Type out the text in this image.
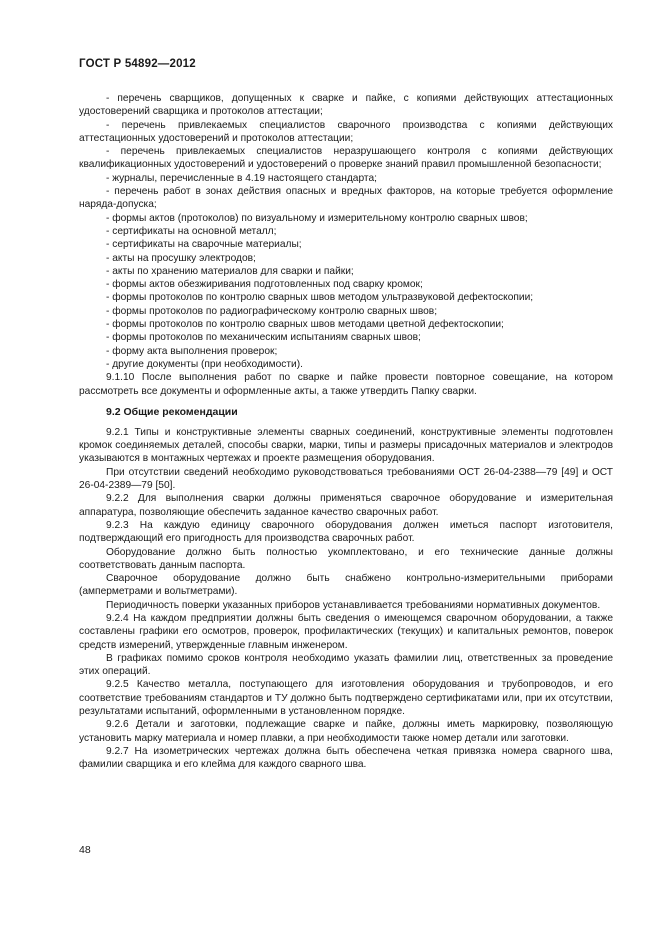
ГОСТ Р 54892—2012

- перечень сварщиков, допущенных к сварке и пайке, с копиями действующих аттестационных удостоверений сварщика и протоколов аттестации;

- перечень привлекаемых специалистов сварочного производства с копиями действующих аттестационных удостоверений и протоколов аттестации;

- перечень привлекаемых специалистов неразрушающего контроля с копиями действующих квалификационных удостоверений и удостоверений о проверке знаний правил промышленной безопасности;

- журналы, перечисленные в 4.19 настоящего стандарта;

- перечень работ в зонах действия опасных и вредных факторов, на которые требуется оформление наряда-допуска;

- формы актов (протоколов) по визуальному и измерительному контролю сварных швов;

- сертификаты на основной металл;

- сертификаты на сварочные материалы;

- акты на просушку электродов;

- акты по хранению материалов для сварки и пайки;

- формы актов обезжиривания подготовленных под сварку кромок;

- формы протоколов по контролю сварных швов методом ультразвуковой дефектоскопии;

- формы протоколов по радиографическому контролю сварных швов;

- формы протоколов по контролю сварных швов методами цветной дефектоскопии;

- формы протоколов по механическим испытаниям сварных швов;

- форму акта выполнения проверок;

- другие документы (при необходимости).

9.1.10 После выполнения работ по сварке и пайке провести повторное совещание, на котором рассмотреть все документы и оформленные акты, а также утвердить Папку сварки.

9.2 Общие рекомендации

9.2.1 Типы и конструктивные элементы сварных соединений, конструктивные элементы подготовлен кромок соединяемых деталей, способы сварки, марки, типы и размеры присадочных материалов и электродов указываются в монтажных чертежах и проекте размещения оборудования.

При отсутствии сведений необходимо руководствоваться требованиями ОСТ 26-04-2388—79 [49] и ОСТ 26-04-2389—79 [50].

9.2.2 Для выполнения сварки должны применяться сварочное оборудование и измерительная аппаратура, позволяющие обеспечить заданное качество сварочных работ.

9.2.3 На каждую единицу сварочного оборудования должен иметься паспорт изготовителя, подтверждающий его пригодность для производства сварочных работ.

Оборудование должно быть полностью укомплектовано, и его технические данные должны соответствовать данным паспорта.

Сварочное оборудование должно быть снабжено контрольно-измерительными приборами (амперметрами и вольтметрами).

Периодичность поверки указанных приборов устанавливается требованиями нормативных документов.

9.2.4 На каждом предприятии должны быть сведения о имеющемся сварочном оборудовании, а также составлены графики его осмотров, проверок, профилактических (текущих) и капитальных ремонтов, поверок средств измерений, утвержденные главным инженером.

В графиках помимо сроков контроля необходимо указать фамилии лиц, ответственных за проведение этих операций.

9.2.5 Качество металла, поступающего для изготовления оборудования и трубопроводов, и его соответствие требованиям стандартов и ТУ должно быть подтверждено сертификатами или, при их отсутствии, результатами испытаний, оформленными в установленном порядке.

9.2.6 Детали и заготовки, подлежащие сварке и пайке, должны иметь маркировку, позволяющую установить марку материала и номер плавки, а при необходимости также номер детали или заготовки.

9.2.7 На изометрических чертежах должна быть обеспечена четкая привязка номера сварного шва, фамилии сварщика и его клейма для каждого сварного шва.

48
